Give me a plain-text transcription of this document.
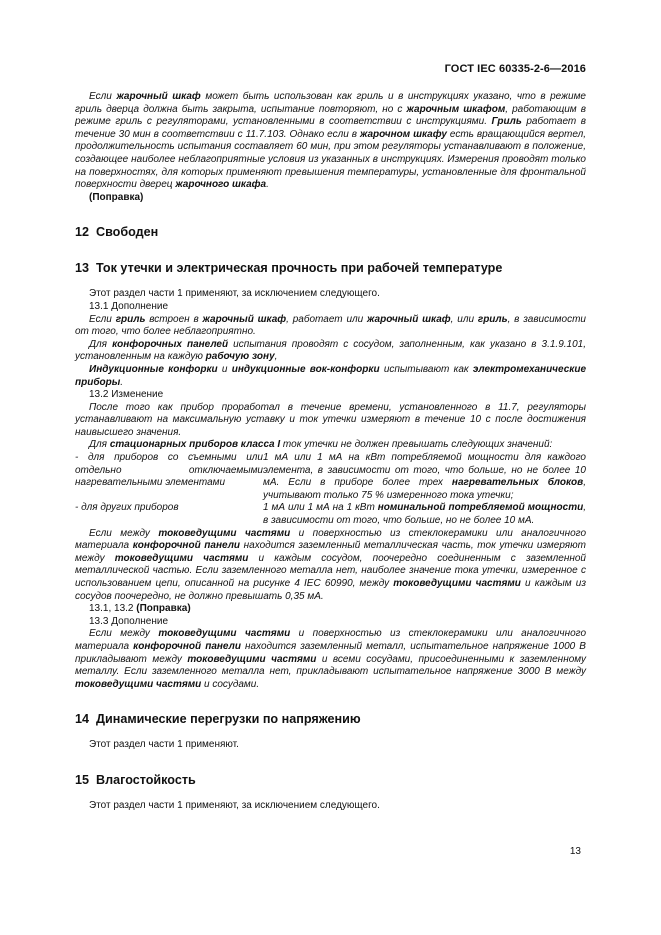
ГОСТ IEC 60335-2-6—2016

Если жарочный шкаф может быть использован как гриль и в инструкциях указано, что в режиме гриль дверца должна быть закрыта, испытание повторяют, но с жарочным шкафом, работающим в режиме гриль с регуляторами, установленными в соответствии с инструкциями. Гриль работает в течение 30 мин в соответствии с 11.7.103. Однако если в жарочном шкафу есть вращающийся вертел, продолжительность испытания составляет 60 мин, при этом регуляторы устанавливают в положение, создающее наиболее неблагоприятные условия из указанных в инструкциях. Измерения проводят только на поверхностях, для которых применяют превышения температуры, установленные для фронтальной поверхности дверец жарочного шкафа.

(Поправка)

12 Свободен
13 Ток утечки и электрическая прочность при рабочей температуре

Этот раздел части 1 применяют, за исключением следующего.

13.1 Дополнение

Если гриль встроен в жарочный шкаф, работает или жарочный шкаф, или гриль, в зависимости от того, что более неблагоприятно.

Для конфорочных панелей испытания проводят с сосудом, заполненным, как указано в 3.1.9.101, установленным на каждую рабочую зону,

Индукционные конфорки и индукционные вок-конфорки испытывают как электромеханические приборы.

13.2 Изменение

После того как прибор проработал в течение времени, установленного в 11.7, регуляторы устанавливают на максимальную уставку и ток утечки измеряют в течение 10 с после достижения наивысшего значения.

Для стационарных приборов класса I ток утечки не должен превышать следующих значений:

- для приборов со съемными или отдельно отключаемыми нагревательными элементами
1 мА или 1 мА на кВт потребляемой мощности для каждого элемента, в зависимости от того, что больше, но не более 10 мА. Если в приборе более трех нагревательных блоков, учитывают только 75 % измеренного тока утечки;
- для других приборов	1 мА или 1 мА на 1 кВт номинальной потребляемой мощности, в зависимости от того, что больше, но не более 10 мА.

Если между токоведущими частями и поверхностью из стеклокерамики или аналогичного материала конфорочной панели находится заземленный металлическая часть, ток утечки измеряют между токоведущими частями и каждым сосудом, поочередно соединенным с заземленной металлической частью. Если заземленного металла нет, наиболее значение тока утечки, измеренное с использованием цепи, описанной на рисунке 4 IEC 60990, между токоведущими частями и каждым из сосудов поочередно, не должно превышать 0,35 мА.

13.1, 13.2 (Поправка)

13.3 Дополнение

Если между токоведущими частями и поверхностью из стеклокерамики или аналогичного материала конфорочной панели находится заземленный металл, испытательное напряжение 1000 В прикладывают между токоведущими частями и всеми сосудами, присоединенными к заземленному металлу. Если заземленного металла нет, прикладывают испытательное напряжение 3000 В между токоведущими частями и сосудами.

14 Динамические перегрузки по напряжению

Этот раздел части 1 применяют.

15 Влагостойкость

Этот раздел части 1 применяют, за исключением следующего.

13
